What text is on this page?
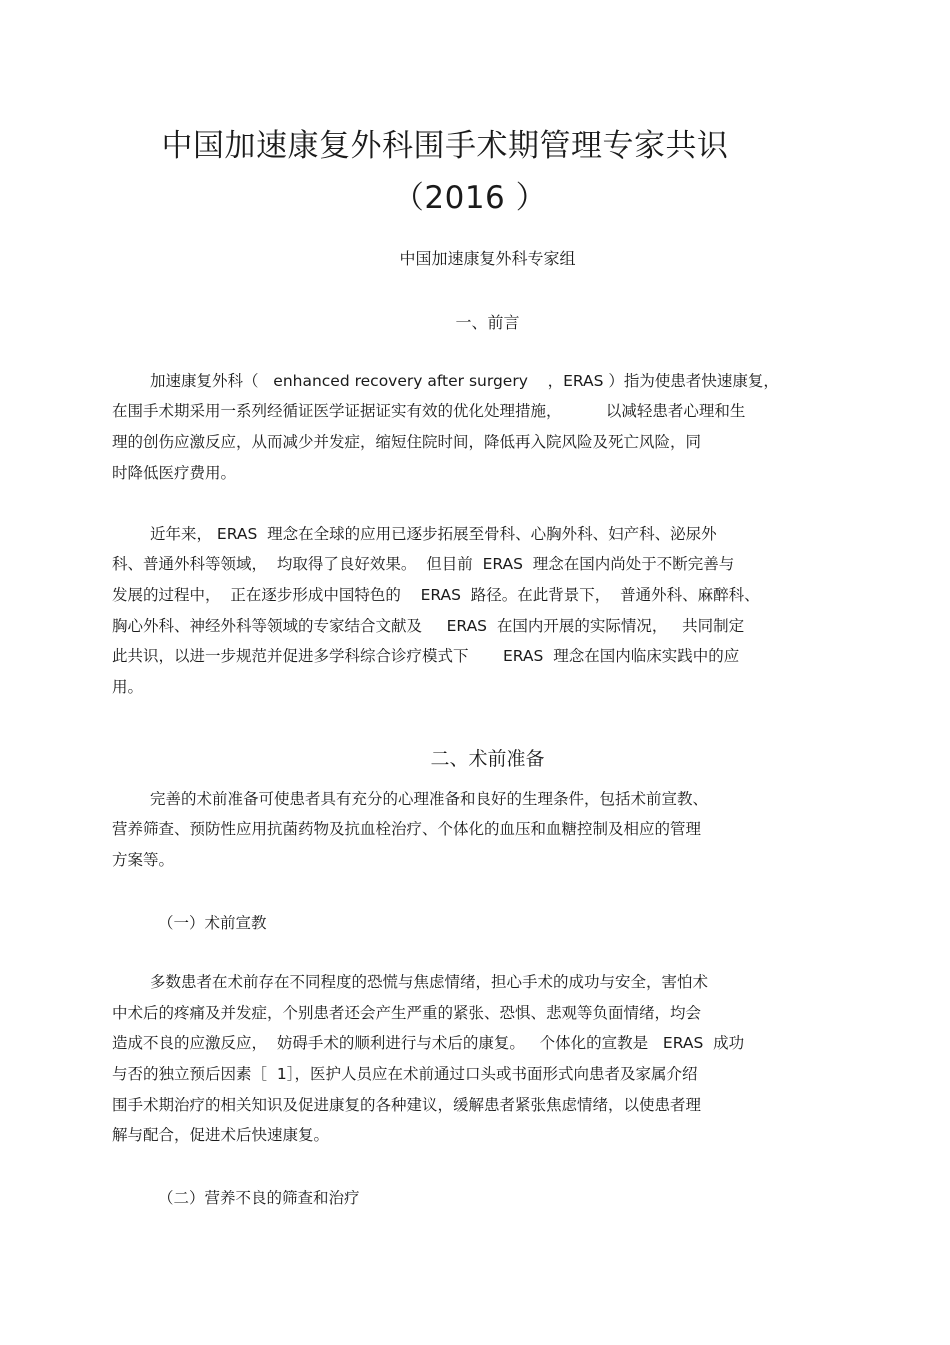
中国加速康复外科围手术期管理专家共识
（2016 ）
中国加速康复外科专家组
一、前言
加速康复外科（   enhanced recovery after surgery    ，ERAS ）指为使患者快速康复，
在围手术期采用一系列经循证医学证据证实有效的优化处理措施，         以减轻患者心理和生
理的创伤应激反应，从而减少并发症，缩短住院时间，降低再入院风险及死亡风险，同
时降低医疗费用。
近年来， ERAS  理念在全球的应用已逐步拓展至骨科、心胸外科、妇产科、泌尿外
科、普通外科等领域，  均取得了良好效果。  但目前  ERAS  理念在国内尚处于不断完善与
发展的过程中，  正在逐步形成中国特色的    ERAS  路径。在此背景下，  普通外科、麻醉科、
胸心外科、神经外科等领域的专家结合文献及     ERAS  在国内开展的实际情况，   共同制定
此共识，以进一步规范并促进多学科综合诊疗模式下       ERAS  理念在国内临床实践中的应
用。
二、术前准备
完善的术前准备可使患者具有充分的心理准备和良好的生理条件，包括术前宣教、
营养筛查、预防性应用抗菌药物及抗血栓治疗、个体化的血压和血糖控制及相应的管理
方案等。
（一）术前宣教
多数患者在术前存在不同程度的恐慌与焦虑情绪，担心手术的成功与安全，害怕术
中术后的疼痛及并发症，个别患者还会产生严重的紧张、恐惧、悲观等负面情绪，均会
造成不良的应激反应，  妨碍手术的顺利进行与术后的康复。   个体化的宣教是   ERAS  成功
与否的独立预后因素［  1］，医护人员应在术前通过口头或书面形式向患者及家属介绍
围手术期治疗的相关知识及促进康复的各种建议，缓解患者紧张焦虑情绪，以使患者理
解与配合，促进术后快速康复。
（二）营养不良的筛查和治疗
